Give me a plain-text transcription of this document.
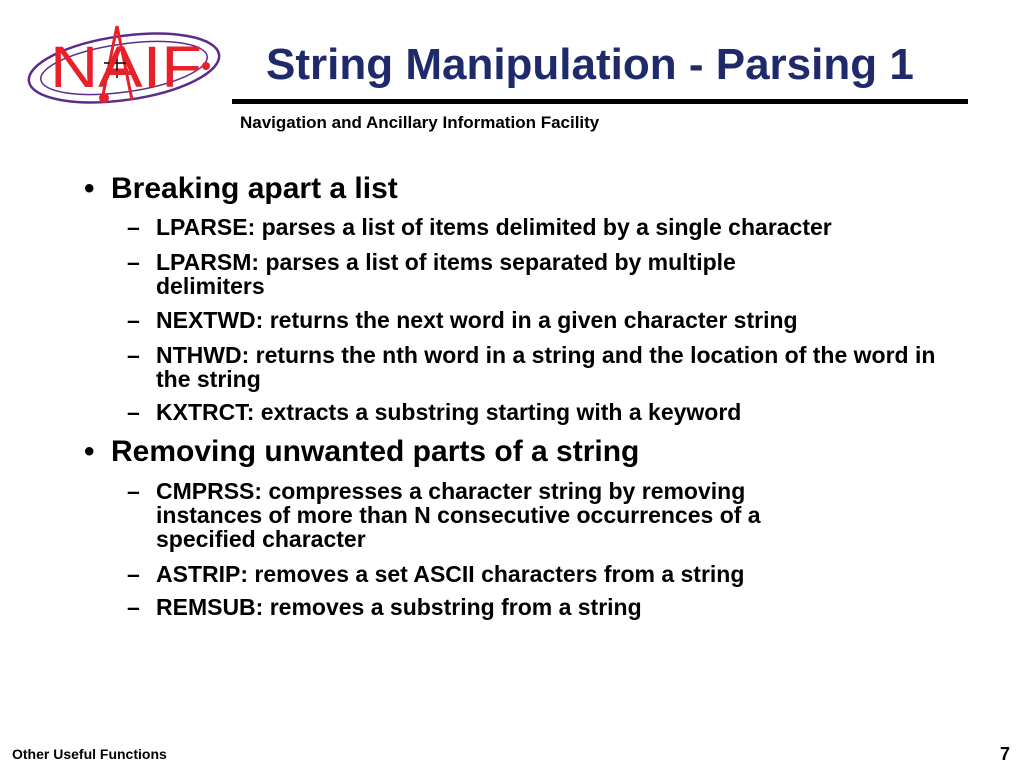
NAIF String Manipulation - Parsing 1
Navigation and Ancillary Information Facility
• Breaking apart a list
– LPARSE: parses a list of items delimited by a single character
– LPARSM: parses a list of items separated by multiple delimiters
– NEXTWD: returns the next word in a given character string
– NTHWD: returns the nth word in a string and the location of the word in the string
– KXTRCT: extracts a substring starting with a keyword
• Removing unwanted parts of a string
– CMPRSS: compresses a character string by removing instances of more than N consecutive occurrences of a specified character
– ASTRIP: removes a set ASCII characters from a string
– REMSUB: removes a substring from a string
Other Useful Functions	7
